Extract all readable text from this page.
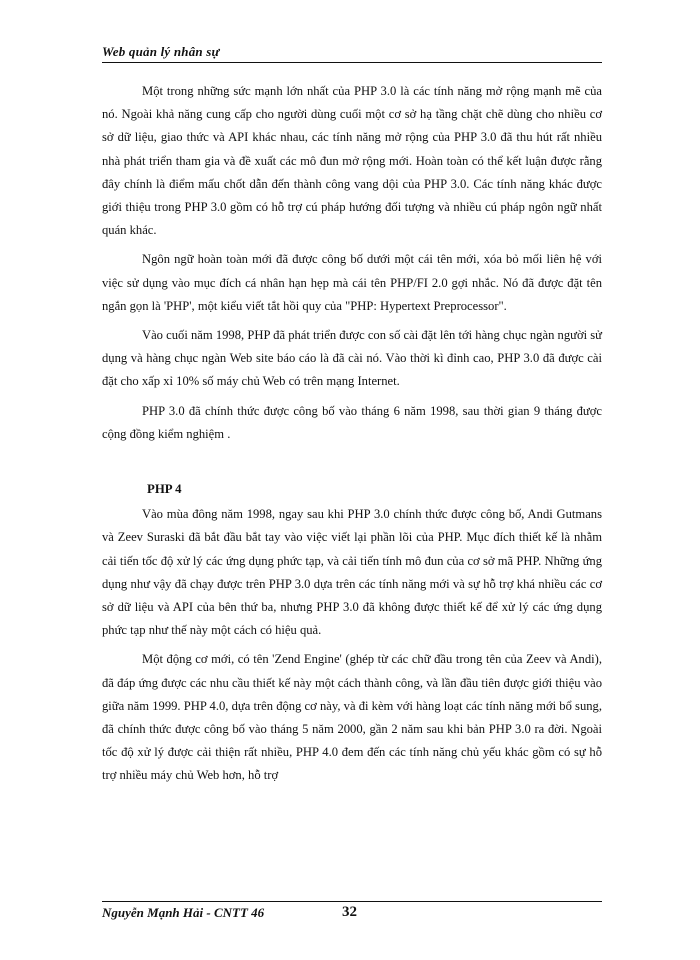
Web quản lý nhân sự

Một trong những sức mạnh lớn nhất của PHP 3.0 là các tính năng mở rộng mạnh mẽ của nó. Ngoài khả năng cung cấp cho người dùng cuối một cơ sở hạ tầng chặt chẽ dùng cho nhiều cơ sở dữ liệu, giao thức và API khác nhau, các tính năng mở rộng của PHP 3.0 đã thu hút rất nhiều nhà phát triển tham gia và đề xuất các mô đun mở rộng mới. Hoàn toàn có thể kết luận được rằng đây chính là điểm mấu chốt dẫn đến thành công vang dội của PHP 3.0. Các tính năng khác được giới thiệu trong PHP 3.0 gồm có hỗ trợ cú pháp hướng đối tượng và nhiều cú pháp ngôn ngữ nhất quán khác.

Ngôn ngữ hoàn toàn mới đã được công bố dưới một cái tên mới, xóa bỏ mối liên hệ với việc sử dụng vào mục đích cá nhân hạn hẹp mà cái tên PHP/FI 2.0 gợi nhắc. Nó đã được đặt tên ngắn gọn là 'PHP', một kiểu viết tắt hồi quy của "PHP: Hypertext Preprocessor".

Vào cuối năm 1998, PHP đã phát triển được con số cài đặt lên tới hàng chục ngàn người sử dụng và hàng chục ngàn Web site báo cáo là đã cài nó. Vào thời kì đỉnh cao, PHP 3.0 đã được cài đặt cho xấp xỉ 10% số máy chủ Web có trên mạng Internet.

PHP 3.0 đã chính thức được công bố vào tháng 6 năm 1998, sau thời gian 9 tháng được cộng đồng kiểm nghiệm .

PHP 4

Vào mùa đông năm 1998, ngay sau khi PHP 3.0 chính thức được công bố, Andi Gutmans và Zeev Suraski đã bắt đầu bắt tay vào việc viết lại phần lõi của PHP. Mục đích thiết kế là nhằm cải tiến tốc độ xử lý các ứng dụng phức tạp, và cải tiến tính mô đun của cơ sở mã PHP. Những ứng dụng như vậy đã chạy được trên PHP 3.0 dựa trên các tính năng mới và sự hỗ trợ khá nhiều các cơ sở dữ liệu và API của bên thứ ba, nhưng PHP 3.0 đã không được thiết kế để xử lý các ứng dụng phức tạp như thế này một cách có hiệu quả.

Một động cơ mới, có tên 'Zend Engine' (ghép từ các chữ đầu trong tên của Zeev và Andi), đã đáp ứng được các nhu cầu thiết kế này một cách thành công, và lần đầu tiên được giới thiệu vào giữa năm 1999. PHP 4.0, dựa trên động cơ này, và đi kèm với hàng loạt các tính năng mới bổ sung, đã chính thức được công bố vào tháng 5 năm 2000, gần 2 năm sau khi bản PHP 3.0 ra đời. Ngoài tốc độ xử lý được cải thiện rất nhiều, PHP 4.0 đem đến các tính năng chủ yếu khác gồm có sự hỗ trợ nhiều máy chủ Web hơn, hỗ trợ

Nguyễn Mạnh Hải - CNTT 46	32
